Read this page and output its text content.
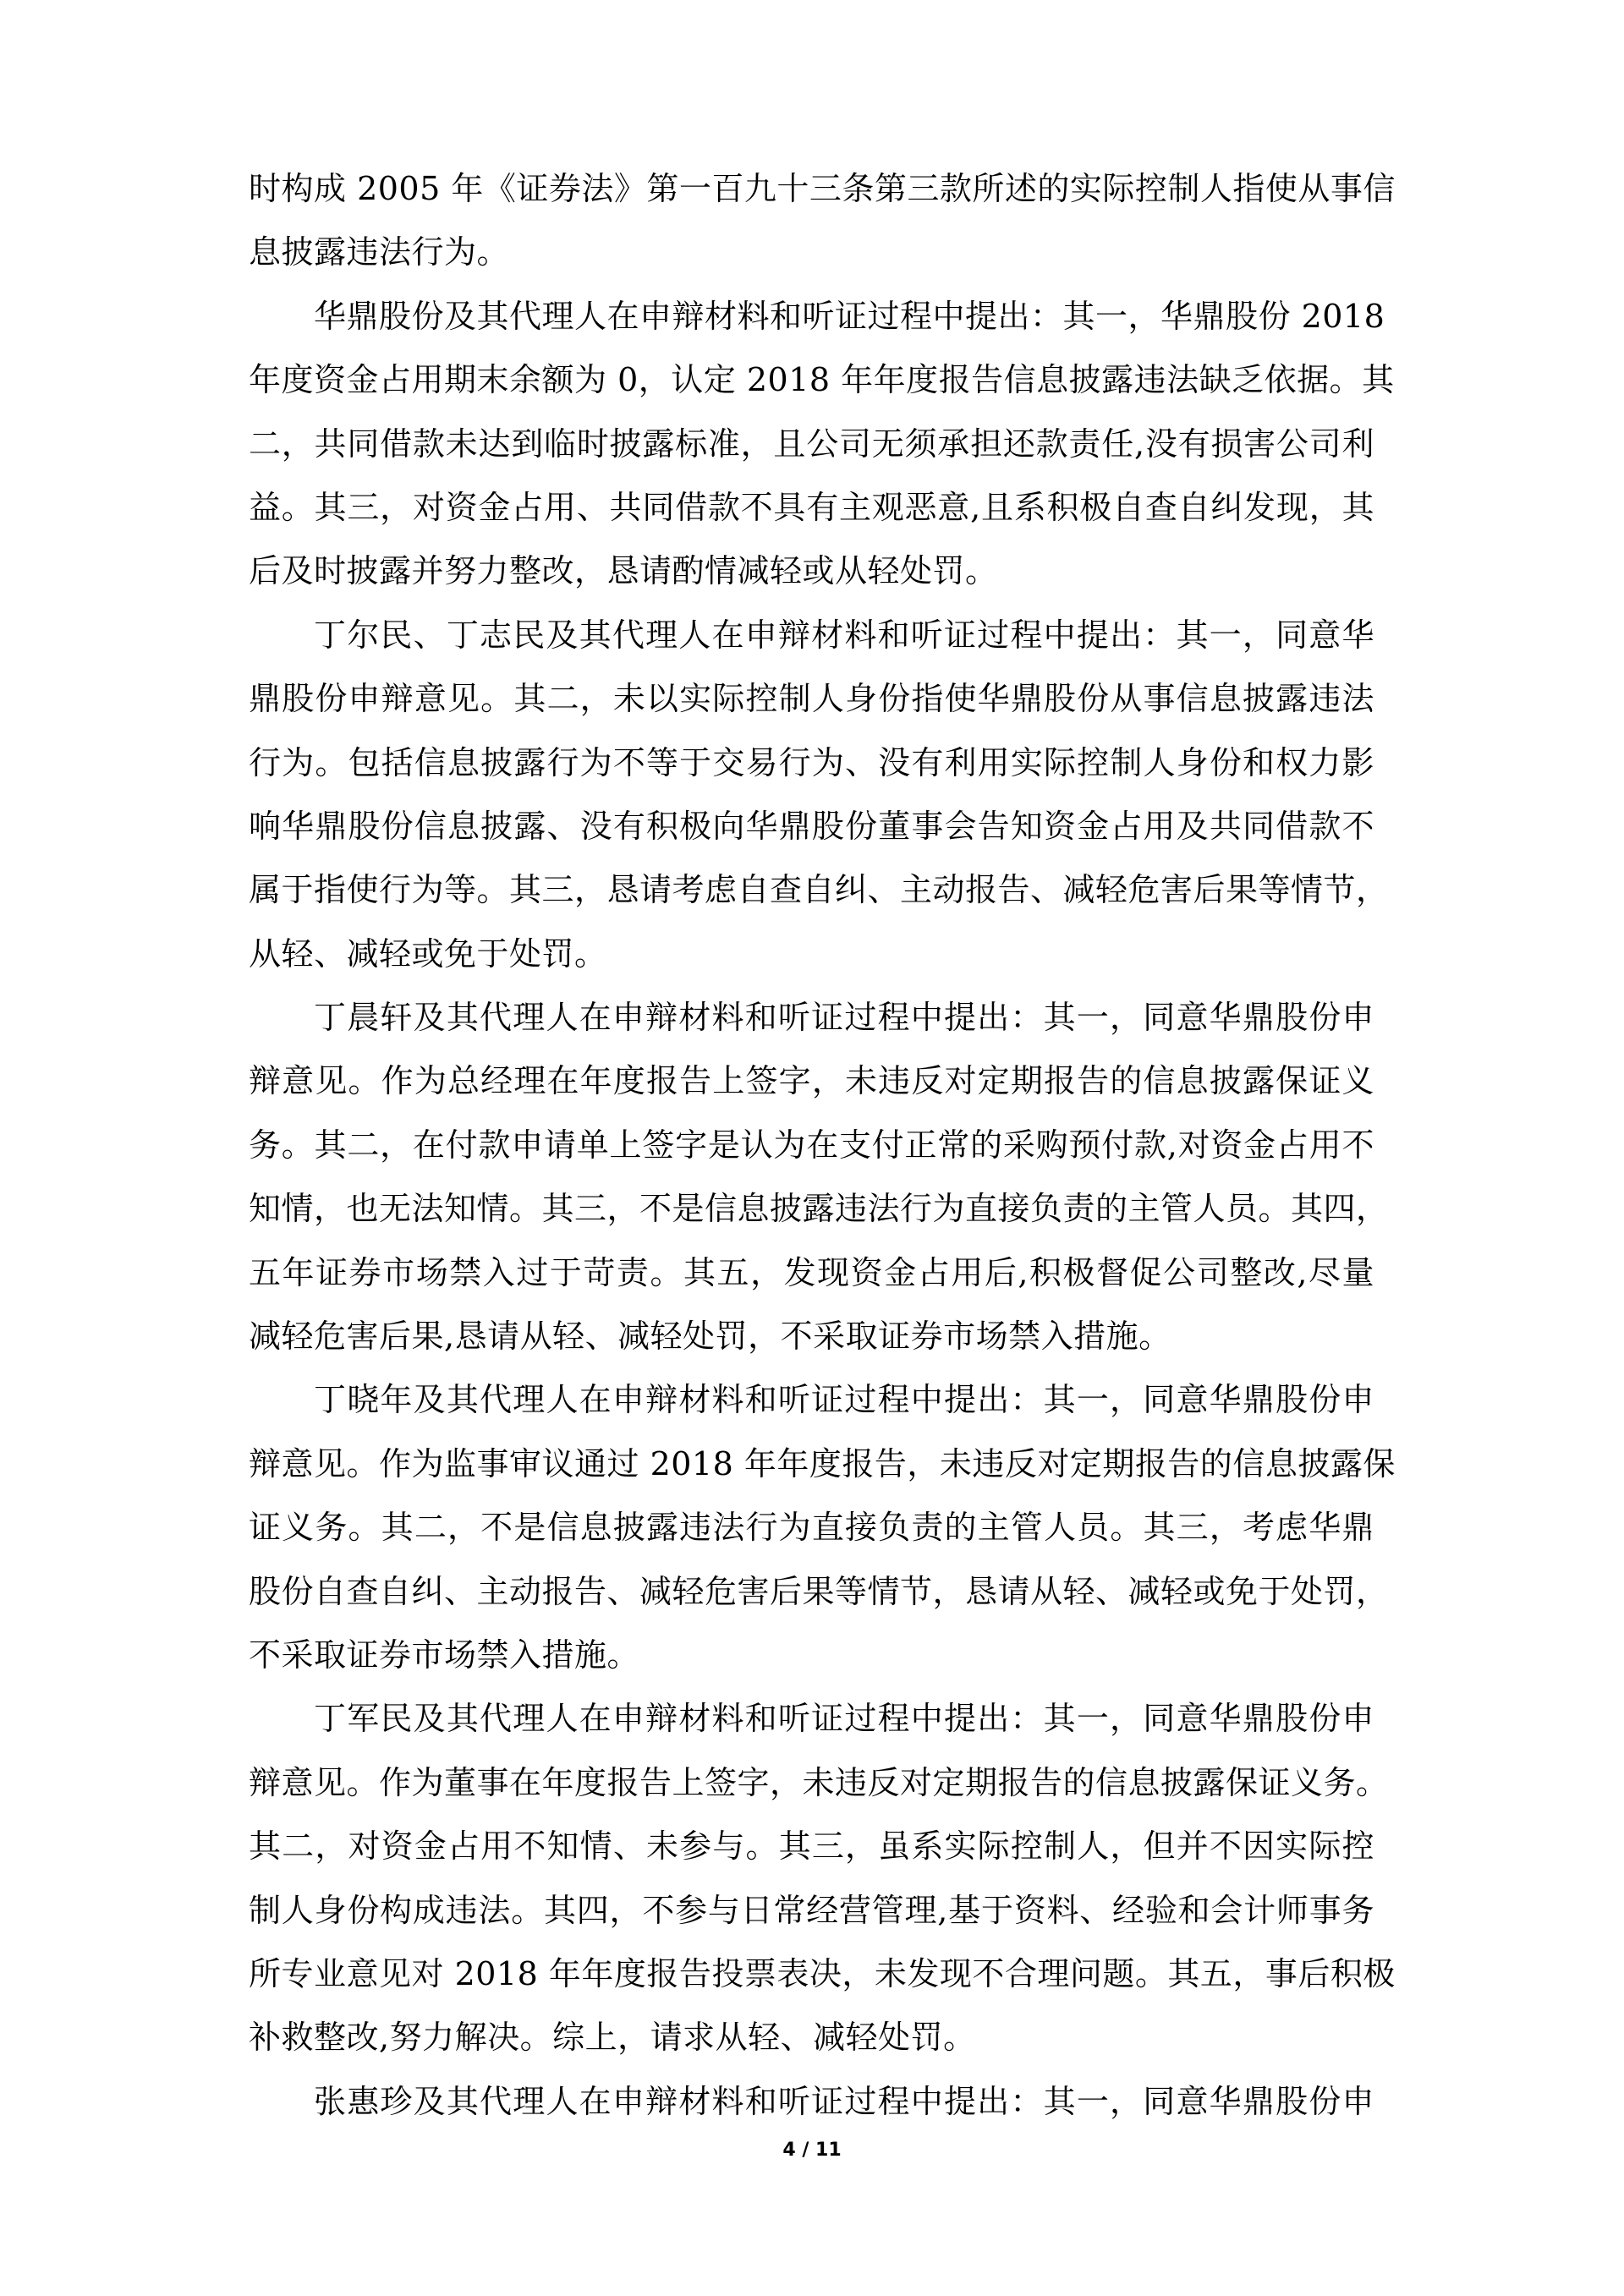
时构成 2005 年《证券法》第一百九十三条第三款所述的实际控制人指使从事信
息披露违法行为。
华鼎股份及其代理人在申辩材料和听证过程中提出：其一，华鼎股份 2018
年度资金占用期末余额为 0，认定 2018 年年度报告信息披露违法缺乏依据。其
二，共同借款未达到临时披露标准，且公司无须承担还款责任,没有损害公司利
益。其三，对资金占用、共同借款不具有主观恶意,且系积极自查自纠发现，其
后及时披露并努力整改，恳请酌情减轻或从轻处罚。
丁尔民、丁志民及其代理人在申辩材料和听证过程中提出：其一，同意华
鼎股份申辩意见。其二，未以实际控制人身份指使华鼎股份从事信息披露违法
行为。包括信息披露行为不等于交易行为、没有利用实际控制人身份和权力影
响华鼎股份信息披露、没有积极向华鼎股份董事会告知资金占用及共同借款不
属于指使行为等。其三，恳请考虑自查自纠、主动报告、减轻危害后果等情节，
从轻、减轻或免于处罚。
丁晨轩及其代理人在申辩材料和听证过程中提出：其一，同意华鼎股份申
辩意见。作为总经理在年度报告上签字，未违反对定期报告的信息披露保证义
务。其二，在付款申请单上签字是认为在支付正常的采购预付款,对资金占用不
知情，也无法知情。其三，不是信息披露违法行为直接负责的主管人员。其四，
五年证券市场禁入过于苛责。其五，发现资金占用后,积极督促公司整改,尽量
减轻危害后果,恳请从轻、减轻处罚，不采取证券市场禁入措施。
丁晓年及其代理人在申辩材料和听证过程中提出：其一，同意华鼎股份申
辩意见。作为监事审议通过 2018 年年度报告，未违反对定期报告的信息披露保
证义务。其二，不是信息披露违法行为直接负责的主管人员。其三，考虑华鼎
股份自查自纠、主动报告、减轻危害后果等情节，恳请从轻、减轻或免于处罚，
不采取证券市场禁入措施。
丁军民及其代理人在申辩材料和听证过程中提出：其一，同意华鼎股份申
辩意见。作为董事在年度报告上签字，未违反对定期报告的信息披露保证义务。
其二，对资金占用不知情、未参与。其三，虽系实际控制人，但并不因实际控
制人身份构成违法。其四，不参与日常经营管理,基于资料、经验和会计师事务
所专业意见对 2018 年年度报告投票表决，未发现不合理问题。其五，事后积极
补救整改,努力解决。综上，请求从轻、减轻处罚。
张惠珍及其代理人在申辩材料和听证过程中提出：其一，同意华鼎股份申
4 / 11
